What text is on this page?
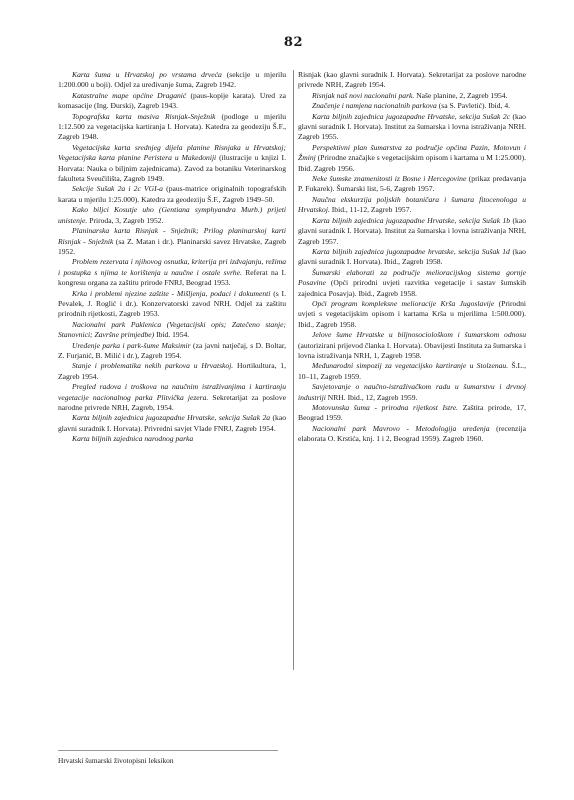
82

Karta šuma u Hrvatskoj po vrstama drveća (sekcije u mjerilu 1:200.000 u boji). Odjel za uređivanje šuma, Zagreb 1942.

Katastralne mape općine Draganić (paus-kopije karata). Ured za komasacije (Ing. Đurski), Zagreb 1943.

Topografska karta masiva Risnjak-Snježnik (podloge u mjerilu 1:12.500 za vegetacijska kartiranja I. Horvata). Katedra za geodeziju Š.F., Zagreb 1948.

Vegetacijska karta srednjeg dijela planine Risnjaka u Hrvatskoj; Vegetacijska karta planine Peristera u Makedoniji (ilustracije u knjizi I. Horvata: Nauka o biljnim zajednicama). Zavod za botaniku Veterinarskog fakulteta Sveučilišta, Zagreb 1949.

Sekcije Sušak 2a i 2c VGI-a (paus-matrice originalnih topografskih karata u mjerilu 1:25.000). Katedra za geodeziju Š.F., Zagreb 1949–50.

Kako biljci Kosutje uho (Gentiana symphyandra Murb.) prijeti unistenje. Priroda, 3, Zagreb 1952.

Planinarska karta Risnjak - Snježnik; Prilog planinarskoj karti Risnjak - Snježnik (sa Z. Matan i dr.). Planinarski savez Hrvatske, Zagreb 1952.

Problem rezervata i njihovog osnutka, kriterija pri izdvajanju, režima i postupka s njima te korištenja u naučne i ostale svrhe. Referat na I. kongresu organa za zaštitu prirode FNRJ, Beograd 1953.

Krka i problemi njezine zaštite - Mišljenja, podaci i dokumenti (s I. Pevalek, J. Roglić i dr.). Konzervatorski zavod NRH. Odjel za zaštitu prirodnih rijetkosti, Zagreb 1953.

Nacionalni park Paklenica (Vegetacijski opis; Zatečeno stanje; Stanovnici; Završne primjedbe) Ibid. 1954.

Uređenje parka i park-šume Maksimir (za javni natječaj, s D. Boltar, Z. Furjanić, B. Milić i dr.), Zagreb 1954.

Stanje i problematika nekih parkova u Hrvatskoj. Hortikultura, 1, Zagreb 1954.

Pregled radova i troškova na naučnim istraživanjima i kartiranju vegetacije nacionalnog parka Plitvička jezera. Sekretarijat za poslove narodne privrede NRH, Zagreb, 1954.

Karta biljnih zajednica jugozapadne Hrvatske, sekcija Sušak 2a (kao glavni suradnik I. Horvata). Privredni savjet Vlade FNRJ, Zagreb 1954.

Karta biljnih zajednica narodnog parka

Risnjak (kao glavni suradnik I. Horvata). Sekretarijat za poslove narodne privrede NRH, Zagreb 1954.

Risnjak naš novi nacionalni park. Naše planine, 2, Zagreb 1954.

Značenje i namjena nacionalnih parkova (sa S. Pavletić). Ibid, 4.

Karta biljnih zajednica jugozapadne Hrvatske, sekcija Sušak 2c (kao glavni suradnik I. Horvata). Institut za šumarska i lovna istraživanja NRH. Zagreb 1955.

Perspektivni plan šumarstva za područje općina Pazin, Motovun i Žminj (Prirodne značajke s vegetacijskim opisom i kartama u M 1:25.000). Ibid. Zagreb 1956.

Neke šumske znamenitosti iz Bosne i Hercegovine (prikaz predavanja P. Fukarek). Šumarski list, 5-6, Zagreb 1957.

Naučna ekskurzija poljskih botaničara i šumara fitocenologa u Hrvatskoj. Ibid., 11-12, Zagreb 1957.

Karta biljnih zajednica jugozapadne Hrvatske, sekcija Sušak 1b (kao glavni suradnik I. Horvata). Institut za šumarska i lovna istraživanja NRH, Zagreb 1957.

Karta biljnih zajednica jugozapadne hrvatske, sekcija Sušak 1d (kao glavni suradnik I. Horvata). Ibid., Zagreb 1958.

Šumarski elaborati za područje melioracijskog sistema gornje Posavine (Opći prirodni uvjeti razvitka vegetacije i sastav šumskih zajednica Posavja). Ibid., Zagreb 1958.

Opći program kompleksne melioracije Krša Jugoslavije (Prirodni uvjeti s vegetacijskim opisom i kartama Krša u mjerilima 1:500.000). Ibid., Zagreb 1958.

Jelove šume Hrvatske u biljnosociološkom i šumarskom odnosu (autorizirani prijevod članka I. Horvata). Obavijesti Instituta za šumarska i lovna istraživanja NRH, 1, Zagreb 1958.

Međunarodni simpozij za vegetacijsko kartiranje u Stolzenau. Š.L., 10–11, Zagreb 1959.

Savjetovanje o naučno-istraživačkom radu u šumarstvu i drvnoj industriji NRH. Ibid., 12, Zagreb 1959.

Motovunska šuma - prirodna rijetkost Istre. Zaštita prirode, 17, Beograd 1959.

Nacionalni park Mavrovo - Metodologija uređenja (recenzija elaborata O. Krstića, knj. 1 i 2, Beograd 1959). Zagreb 1960.

Hrvatski šumarski životopisni leksikon
